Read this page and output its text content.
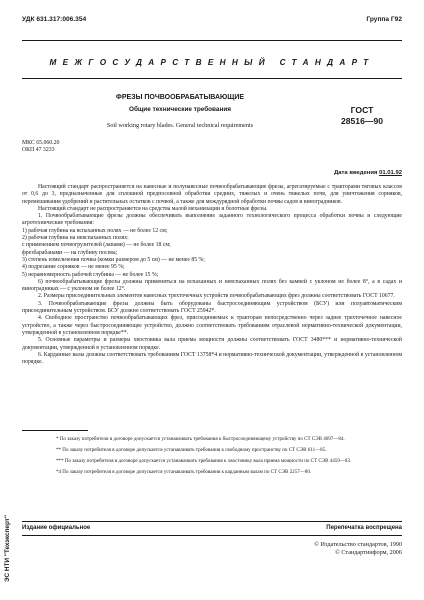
УДК 631.317:006.354	Группа Г92
МЕЖГОСУДАРСТВЕННЫЙ СТАНДАРТ
ФРЕЗЫ ПОЧВООБРАБАТЫВАЮЩИЕ
Общие технические требования
Soil working rotary blades. General technical requirements
ГОСТ
28516—90
МКС 65.060.20
ОКП 47 3233
Дата введения 01.01.92

Настоящий стандарт распространяется на навесные и полунавесные почвообрабатывающие фрезы, агрегатируемые с тракторами тяговых классов от 0,6 до 3, предназначенные для сплошной предпосевной обработки средних, тяжелых и очень тяжелых почв, для уничтожения сорняков, перемешивания удобрений и растительных остатков с почвой, а также для междурядной обработки почвы садов и виноградников.

Настоящий стандарт не распространяется на средства малой механизации и болотные фрезы.

1. Почвообрабатывающие фрезы должны обеспечивать выполнение заданного технологического процесса обработки почвы и следующие агротехнические требования:

1) рабочая глубина на вспаханных полях — не более 12 см;

2) рабочая глубина на невспаханных полях:

с применением почвогрузителей (лапами) — не более 18 см;

фрезбарабанами — на глубину посева;

3) степень измельчения почвы (комки размером до 5 см) — не менее 85 %;

4) подрезание сорняков — не менее 95 %;

5) неравномерность рабочей глубины — не более 15 %;

6) почвообрабатывающие фрезы должны применяться на вспаханных и невспаханных полях без камней с уклоном не более 8°, а в садах и виноградниках — с уклоном не более 12°.

2. Размеры присоединительных элементов навесных трехточечных устройств почвообрабатывающих фрез должны соответствовать ГОСТ 10677.

3. Почвообрабатывающие фрезы должны быть оборудованы быстросоединяющим устройством (БСУ) или полуавтоматическим присоединительным устройством. БСУ должно соответствовать ГОСТ 25942*.

4. Свободное пространство почвообрабатывающих фрез, присоединяемых к тракторам непосредственно через заднее трехточечное навесное устройство, а также через быстросоединяющее устройство, должно соответствовать требованиям отраслевой нормативно-технической документации, утвержденной в установленном порядке**.

5. Основные параметры и размеры хвостовика вала приема мощности должны соответствовать ГОСТ 3480*** и нормативно-технической документации, утвержденной в установленном порядке.

6. Карданные валы должны соответствовать требованиям ГОСТ 13758*4 и нормативно-технической документации, утвержденной в установленном порядке.

* По заказу потребителя в договоре допускается устанавливать требования к быстросоединяющему устройству по СТ СЭВ 4697—84.

** По заказу потребителя в договоре допускается устанавливать требования к свободному пространству по СТ СЭВ 611—85.

*** По заказу потребителя в договоре допускается устанавливать требования к хвостовику вала приема мощности по СТ СЭВ 4459—83.

*4 По заказу потребителя в договоре допускается устанавливать требования к карданным валам по СТ СЭВ 2257—80.

Издание официальное	Перепечатка воспрещена
© Издательство стандартов, 1990
© Стандартинформ, 2006
ЭС НТИ "Техэксперт"
